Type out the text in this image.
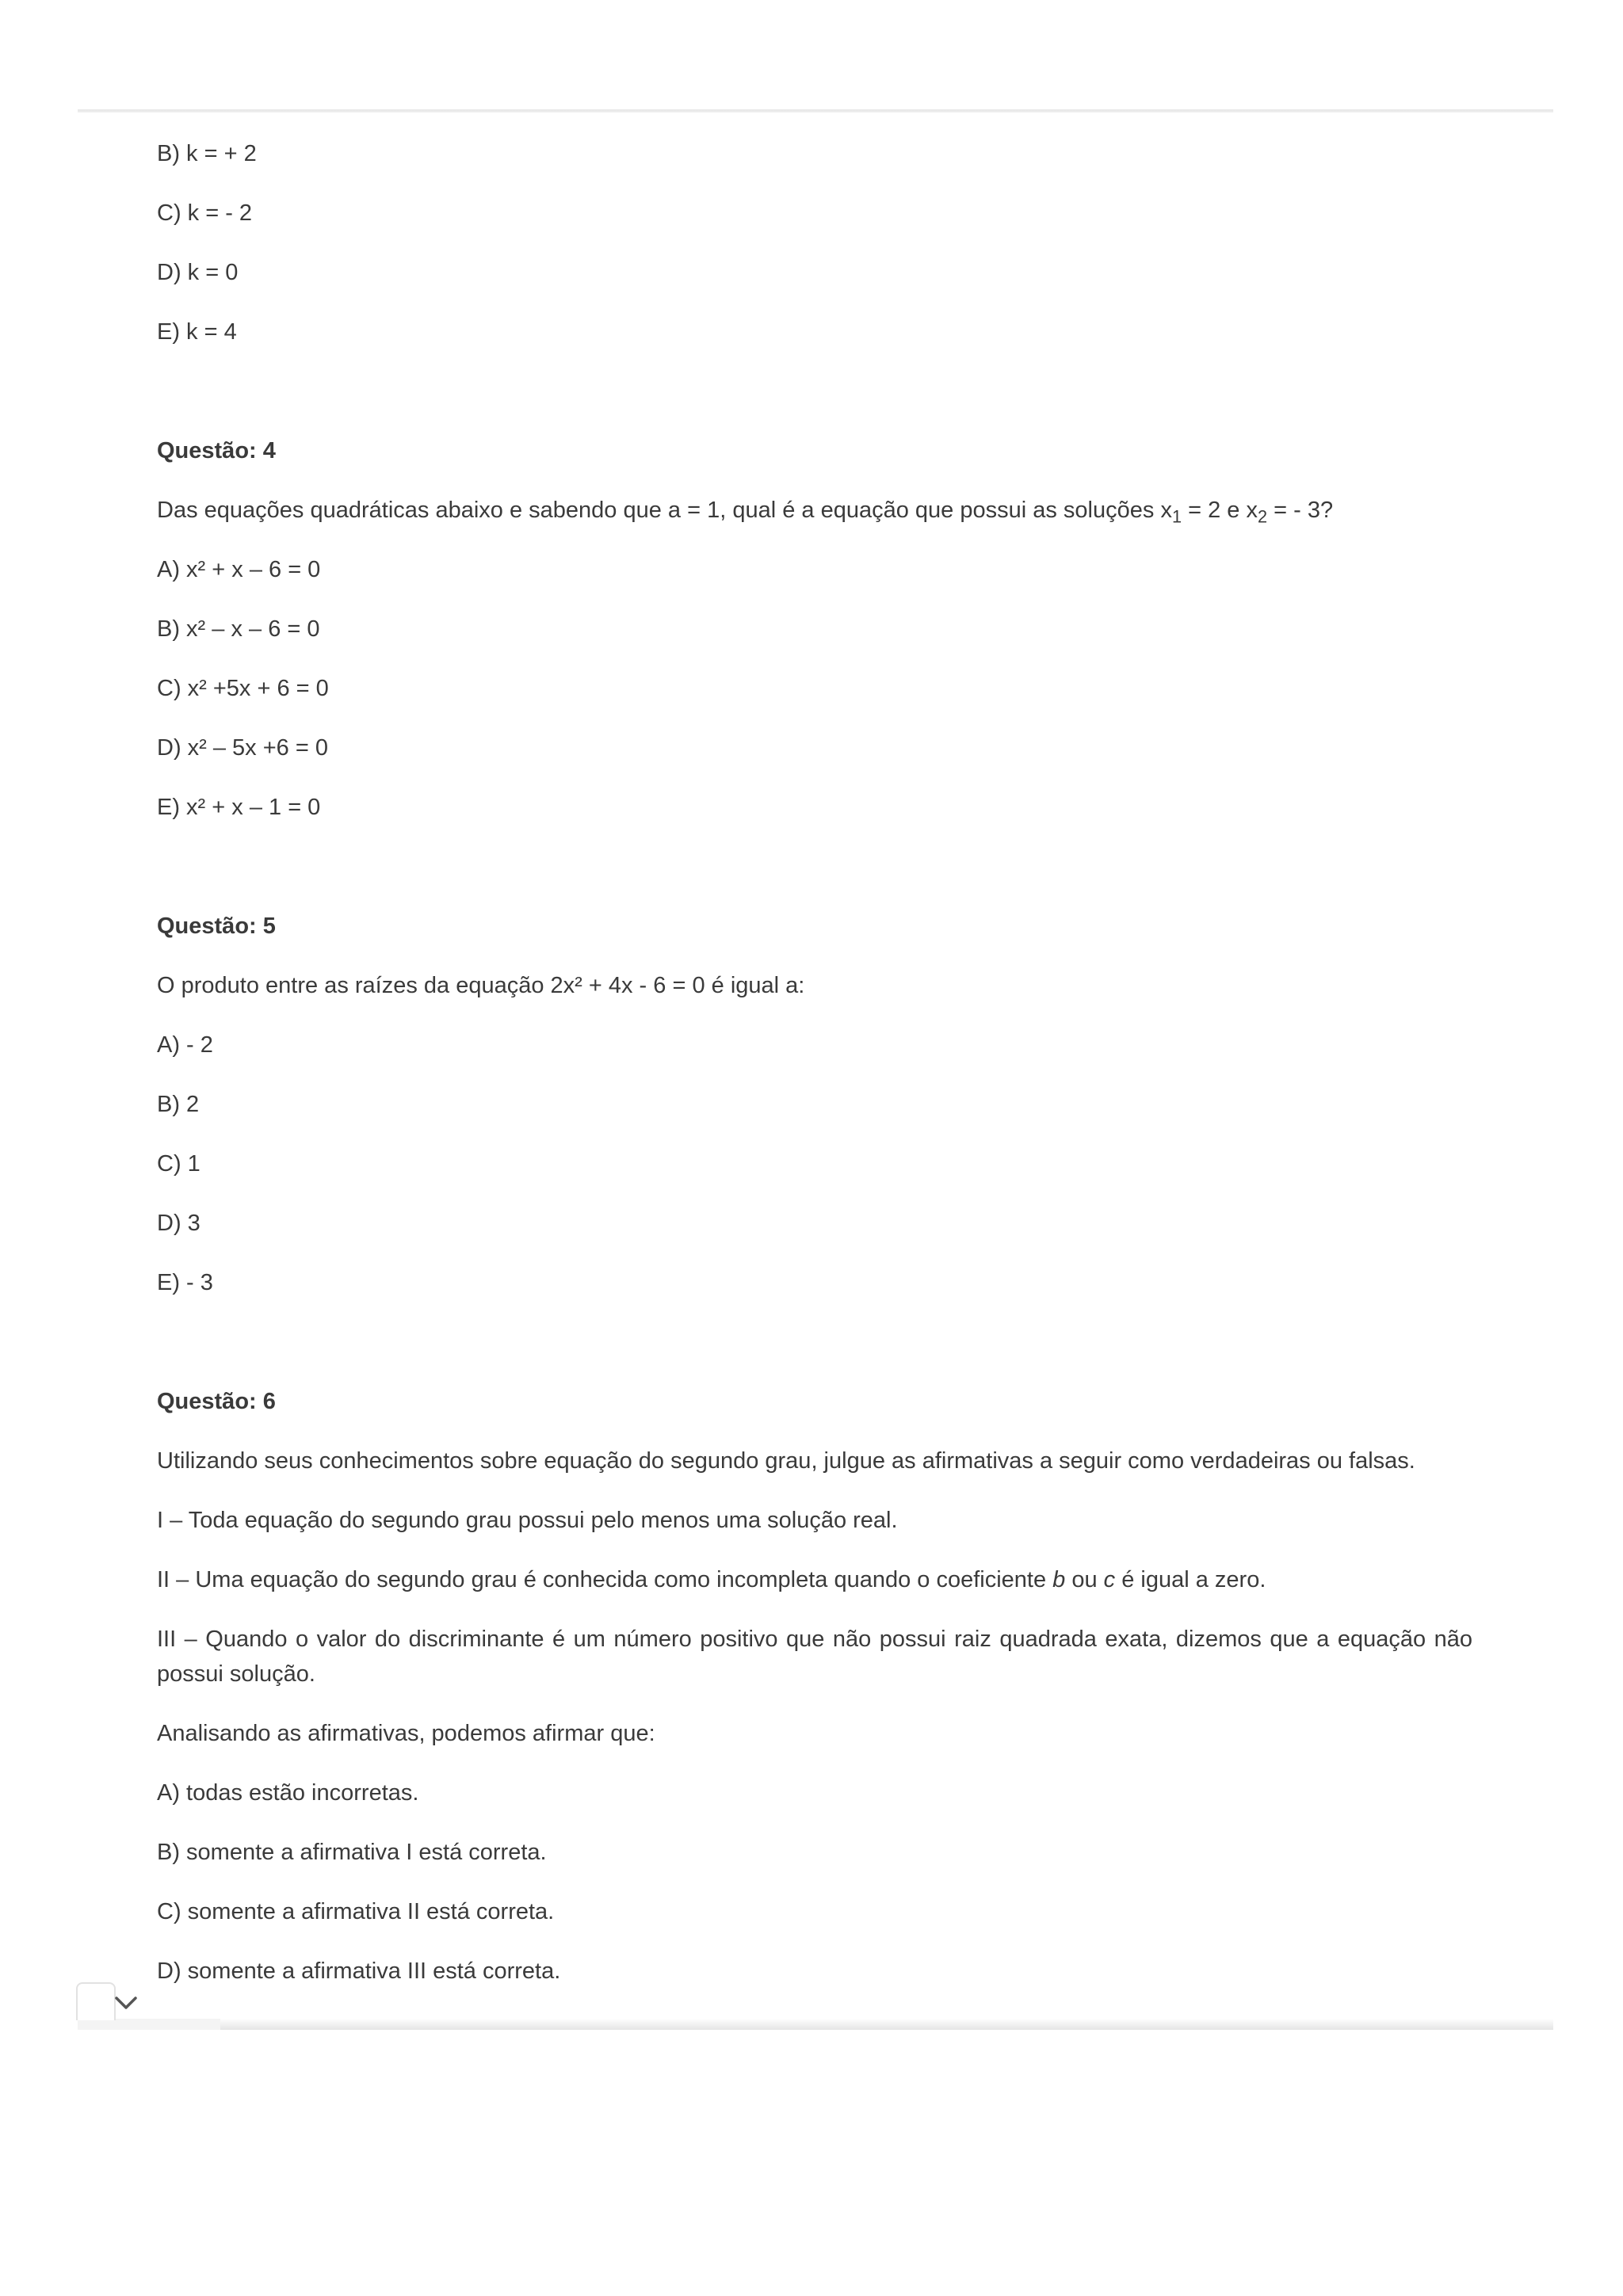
B) k = + 2

C) k = - 2

D) k = 0

E) k = 4

Questão: 4

Das equações quadráticas abaixo e sabendo que a = 1, qual é a equação que possui as soluções $x_1 = 2$ e $x_2$ = - 3?

A) x² + x – 6 = 0

B) x² – x – 6 = 0

C) x² +5x + 6 = 0

D) x² – 5x +6 = 0

E) x² + x – 1 = 0

Questão: 5

O produto entre as raízes da equação 2x² + 4x - 6 = 0 é igual a:

A) - 2

B) 2

C) 1

D) 3

E) - 3

Questão: 6

Utilizando seus conhecimentos sobre equação do segundo grau, julgue as afirmativas a seguir como verdadeiras ou falsas.

I – Toda equação do segundo grau possui pelo menos uma solução real.

II – Uma equação do segundo grau é conhecida como incompleta quando o coeficiente b ou c é igual a zero.

III – Quando o valor do discriminante é um número positivo que não possui raiz quadrada exata, dizemos que a equação não possui solução.

Analisando as afirmativas, podemos afirmar que:

A) todas estão incorretas.

B) somente a afirmativa I está correta.

C) somente a afirmativa II está correta.

D) somente a afirmativa III está correta.
